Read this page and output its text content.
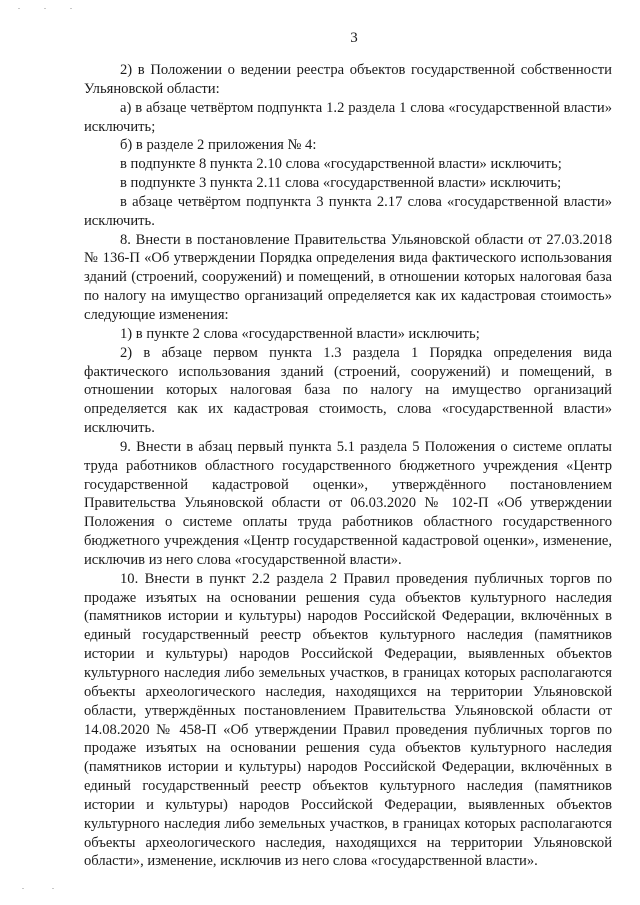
3

2) в Положении о ведении реестра объектов государственной собственности Ульяновской области:

а) в абзаце четвёртом подпункта 1.2 раздела 1 слова «государственной власти» исключить;

б) в разделе 2 приложения № 4:

в подпункте 8 пункта 2.10 слова «государственной власти» исключить;

в подпункте 3 пункта 2.11 слова «государственной власти» исключить;

в абзаце четвёртом подпункта 3 пункта 2.17 слова «государственной власти» исключить.

8. Внести в постановление Правительства Ульяновской области от 27.03.2018 № 136-П «Об утверждении Порядка определения вида фактического использования зданий (строений, сооружений) и помещений, в отношении которых налоговая база по налогу на имущество организаций определяется как их кадастровая стоимость» следующие изменения:

1) в пункте 2 слова «государственной власти» исключить;

2) в абзаце первом пункта 1.3 раздела 1 Порядка определения вида фактического использования зданий (строений, сооружений) и помещений, в отношении которых налоговая база по налогу на имущество организаций определяется как их кадастровая стоимость, слова «государственной власти» исключить.

9. Внести в абзац первый пункта 5.1 раздела 5 Положения о системе оплаты труда работников областного государственного бюджетного учреждения «Центр государственной кадастровой оценки», утверждённого постановлением Правительства Ульяновской области от 06.03.2020 № 102-П «Об утверждении Положения о системе оплаты труда работников областного государственного бюджетного учреждения «Центр государственной кадастровой оценки», изменение, исключив из него слова «государственной власти».

10. Внести в пункт 2.2 раздела 2 Правил проведения публичных торгов по продаже изъятых на основании решения суда объектов культурного наследия (памятников истории и культуры) народов Российской Федерации, включённых в единый государственный реестр объектов культурного наследия (памятников истории и культуры) народов Российской Федерации, выявленных объектов культурного наследия либо земельных участков, в границах которых располагаются объекты археологического наследия, находящихся на территории Ульяновской области, утверждённых постановлением Правительства Ульяновской области от 14.08.2020 № 458-П «Об утверждении Правил проведения публичных торгов по продаже изъятых на основании решения суда объектов культурного наследия (памятников истории и культуры) народов Российской Федерации, включённых в единый государственный реестр объектов культурного наследия (памятников истории и культуры) народов Российской Федерации, выявленных объектов культурного наследия либо земельных участков, в границах которых располагаются объекты археологического наследия, находящихся на территории Ульяновской области», изменение, исключив из него слова «государственной власти».
